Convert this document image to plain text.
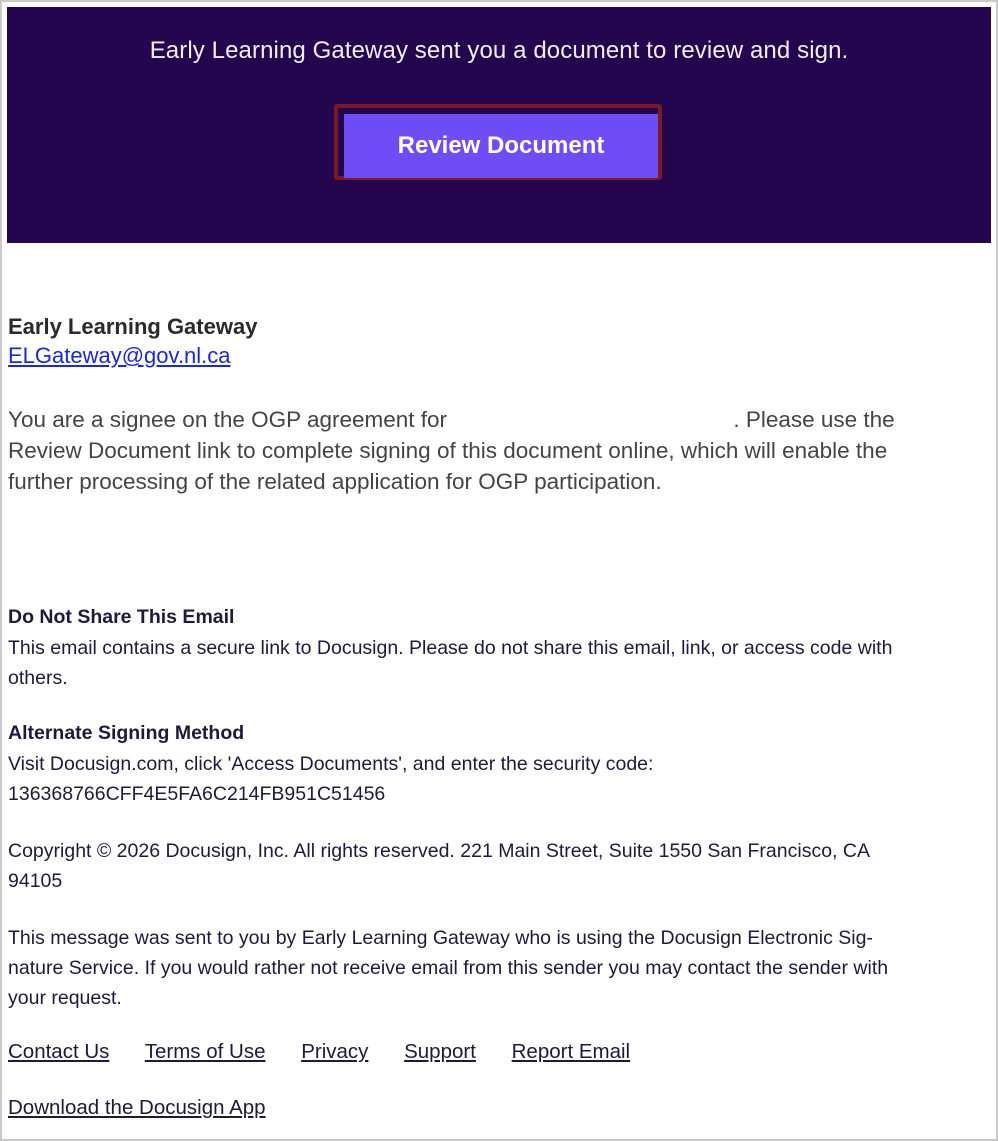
Early Learning Gateway sent you a document to review and sign.
Review Document
Early Learning Gateway
ELGateway@gov.nl.ca
You are a signee on the OGP agreement for	. Please use the
Review Document link to complete signing of this document online, which will enable the
further processing of the related application for OGP participation.
Do Not Share This Email
This email contains a secure link to Docusign. Please do not share this email, link, or access code with
others.
Alternate Signing Method
Visit Docusign.com, click 'Access Documents', and enter the security code:
136368766CFF4E5FA6C214FB951C51456
Copyright © 2026 Docusign, Inc. All rights reserved. 221 Main Street, Suite 1550 San Francisco, CA
94105
This message was sent to you by Early Learning Gateway who is using the Docusign Electronic Sig-
nature Service. If you would rather not receive email from this sender you may contact the sender with
your request.
Contact Us Terms of Use Privacy Support Report Email
Download the Docusign App
